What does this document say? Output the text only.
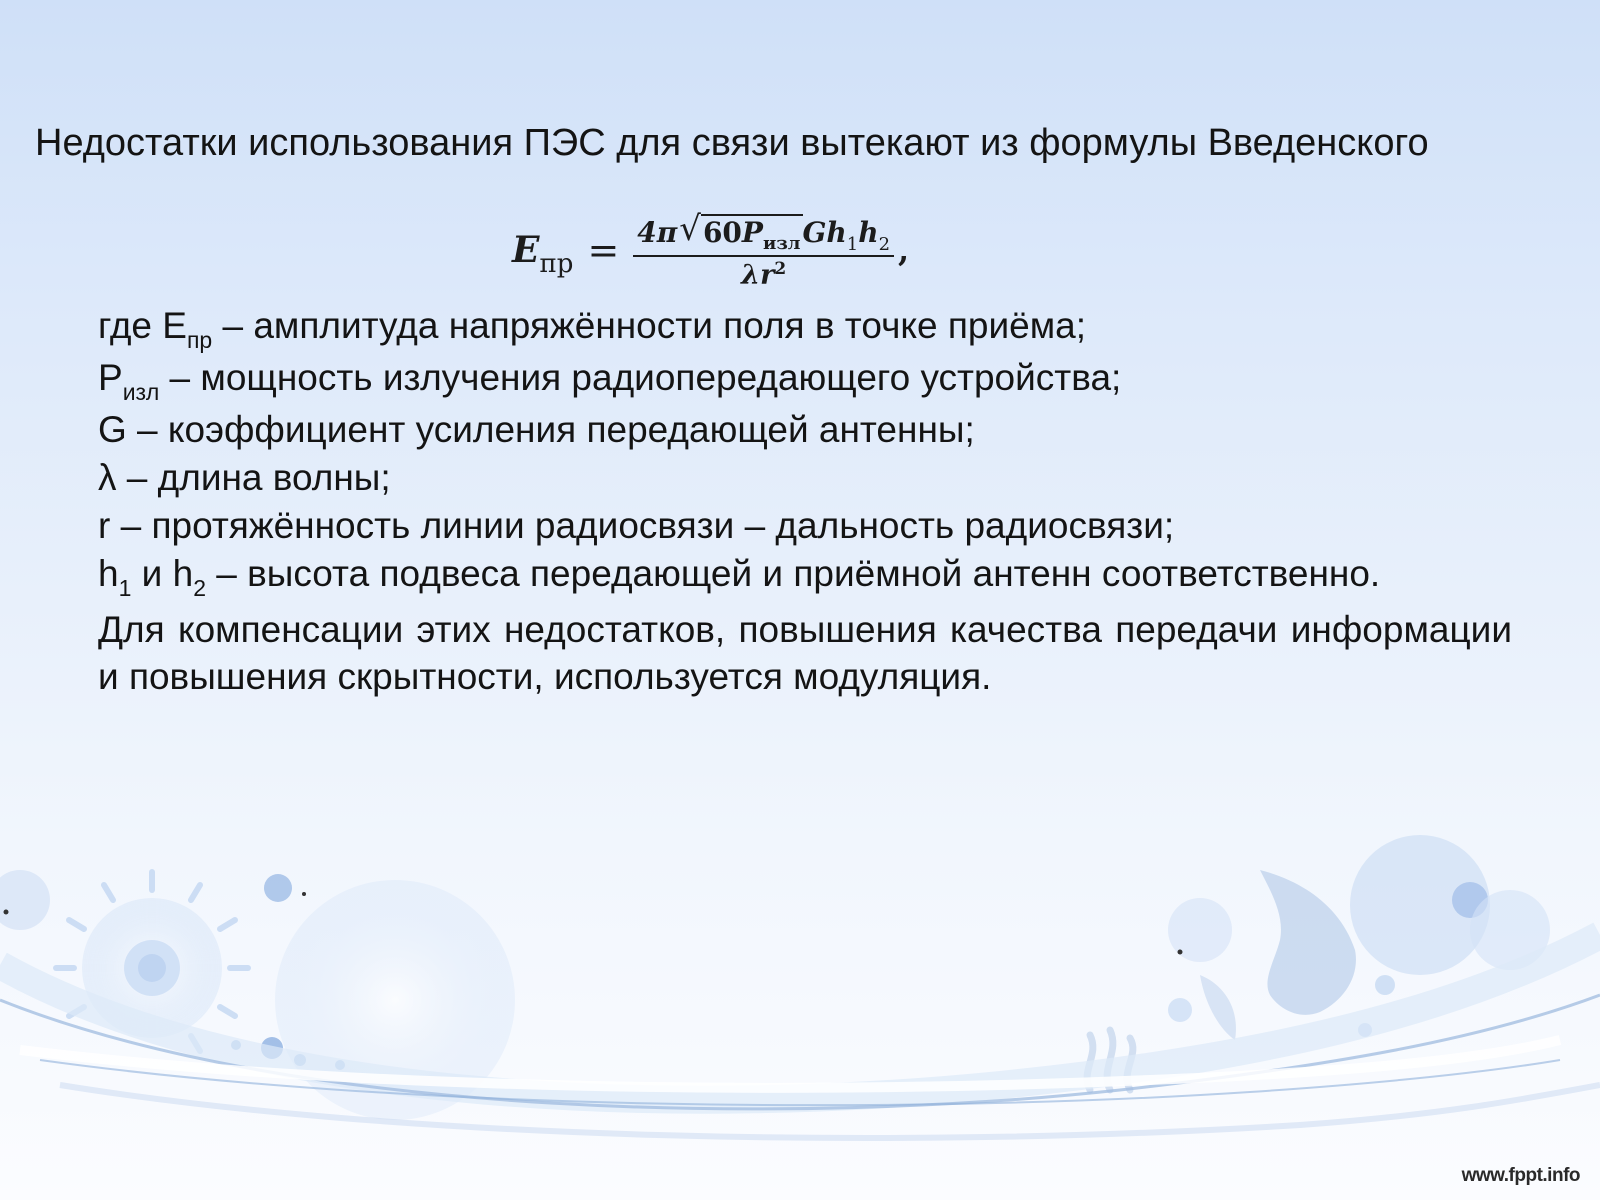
Недостатки использования ПЭС для связи вытекают из формулы Введенского
$E_{пр} = \frac{4\pi √ 60P_{изл} G h 1 h 2}{\lambda r^2}$ ,
где $E_{пр}$ – амплитуда напряжённости поля в точке приёма;
$P_{изл}$ – мощность излучения радиопередающего устройства;
G – коэффициент усиления передающей антенны;
λ – длина волны;
r – протяжённость линии радиосвязи – дальность радиосвязи;
$h_1$ и $h_2$ – высота подвеса передающей и приёмной антенн соответственно.
Для компенсации этих недостатков, повышения качества передачи информации и повышения скрытности, используется модуляция.
www.fppt.info
